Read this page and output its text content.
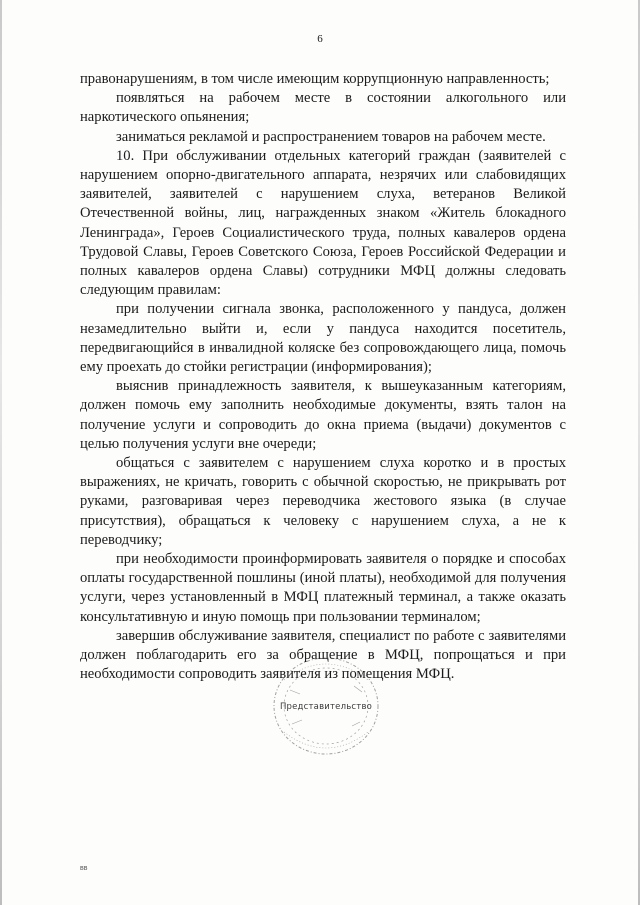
6

правонарушениям, в том числе имеющим коррупционную направленность;

появляться на рабочем месте в состоянии алкогольного или наркотического опьянения;

заниматься рекламой и распространением товаров на рабочем месте.

10. При обслуживании отдельных категорий граждан (заявителей с нарушением опорно-двигательного аппарата, незрячих или слабовидящих заявителей, заявителей с нарушением слуха, ветеранов Великой Отечественной войны, лиц, награжденных знаком «Житель блокадного Ленинграда», Героев Социалистического труда, полных кавалеров ордена Трудовой Славы, Героев Советского Союза, Героев Российской Федерации и полных кавалеров ордена Славы) сотрудники МФЦ должны следовать следующим правилам:

при получении сигнала звонка, расположенного у пандуса, должен незамедлительно выйти и, если у пандуса находится посетитель, передвигающийся в инвалидной коляске без сопровождающего лица, помочь ему проехать до стойки регистрации (информирования);

выяснив принадлежность заявителя, к вышеуказанным категориям, должен помочь ему заполнить необходимые документы, взять талон на получение услуги и сопроводить до окна приема (выдачи) документов с целью получения услуги вне очереди;

общаться с заявителем с нарушением слуха коротко и в простых выражениях, не кричать, говорить с обычной скоростью, не прикрывать рот руками, разговаривая через переводчика жестового языка (в случае присутствия), обращаться к человеку с нарушением слуха, а не к переводчику;

при необходимости проинформировать заявителя о порядке и способах оплаты государственной пошлины (иной платы), необходимой для получения услуги, через установленный в МФЦ платежный терминал, а также оказать консультативную и иную помощь при пользовании терминалом;

завершив обслуживание заявителя, специалист по работе с заявителями должен поблагодарить его за обращение в МФЦ, попрощаться и при необходимости сопроводить заявителя из помещения МФЦ.

Представительство
вв
